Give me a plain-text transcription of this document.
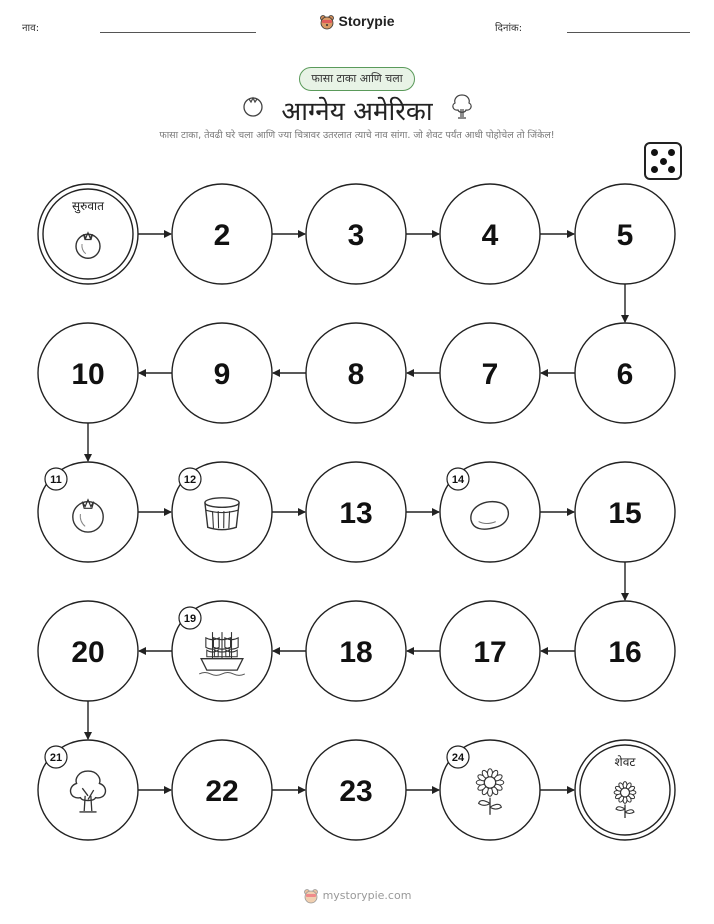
नाव:	Storypie	दिनांक:
फासा टाका आणि चला
आग्नेय अमेरिका
फासा टाका, तेवढी घरे चला आणि ज्या चित्रावर उतरलात त्याचे नाव सांगा. जो शेवट पर्यंत आधी पोहोचेल तो जिंकेल!
सुरुवात
2	3	4	5
6
7
8
9
10
11	12
13
14
15
16
17
18
19
20
21
22	23
24	शेवट
mystorypie.com
